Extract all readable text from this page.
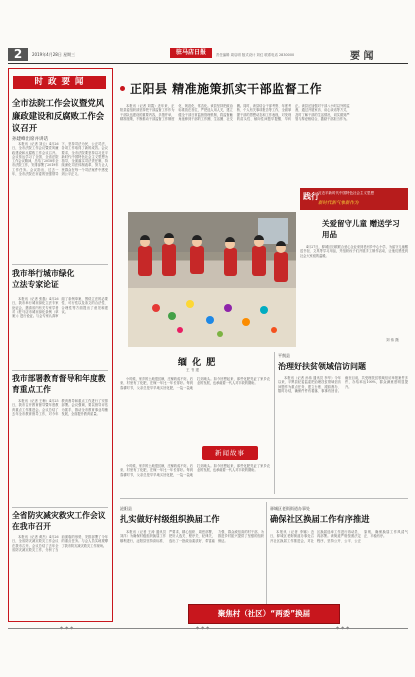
2	2019年4月28日 星期三	驻马店日报	责任编辑 周启明 版式设计 刘红 联系电话 2830000	要 闻
时 政 要 闻
全市法院工作会议暨党风廉政建设和反腐败工作会议召开
孙建峰出席并讲话

本报讯（记者 刘云）4月26日，全市法院工作会议暨党风廉政建设和反腐败工作会议召开。会议传达学习了全国、全省法院工作会议精神，总结了2018年全市法院工作，安排部署了2019年工作任务。会议指出，过去一年，全市法院在市委的坚强领导下，坚持司法为民、公正司法，各项工作取得了新的成效。会议要求，全市法院要坚持以习近平新时代中国特色社会主义思想为指导，全面落实司法责任制，持续深化司法体制改革，努力让人民群众在每一个司法案件中感受到公平正义。

我市举行城市绿化立法专家论证

本报讯（记者 张磊）4月26日，我市举行城市绿化立法专家论证会，邀请省内有关专家学者对《驻马店市城市绿化条例（草案）》进行论证。与会专家认真审阅了条例草案，围绕立法的必要性、可行性以及条文的合法性、合理性等方面提出了意见和建议。

我市部署教育督导和年度教育重点工作

本报讯（记者 王梅）4月25日，我市召开教育督导暨年度教育重点工作推进会。会议总结了去年全市教育督导工作，对今年教育督导和重点工作进行了安排部署。会议强调，要以督导评估为抓手，推动全市教育事业均衡发展，全面提升教育质量。

全省防灾减灾救灾工作会议在我市召开

本报讯（记者 黄杰）4月26日，全省防灾减灾救灾工作会议在我市召开。会议总结了去年全省防灾减灾救灾工作，分析了当前面临的形势，安排部署了今年的重点任务。与会人员实地观摩了我市防灾减灾救灾工作现场。

正阳县 精准施策抓实干部监督工作

本报讯（记者 刘震）近年来，正阳县委组织部坚持把干部监督工作作为干部队伍建设的重要内容，多措并举，精准施策，不断推动干部监督工作制度化、规范化、常态化。该县坚持把政治标准放在首位，严把选人用人关，建立健全干部日常监督管理机制，将监督触角延伸到干部的工作圈、生活圈、社交圈。同时，该县结合干部考察、年度考核、个人有关事项报告等工作，全面掌握干部的思想动态和工作表现，对发现的苗头性、倾向性问题早提醒、早纠正。该县还加强对干部八小时以外的监督，通过开展家访、谈心谈话等方式，及时了解干部的生活情况，切实做到严管与厚爱相结合，激励干部担当作为。

践行 习近平新时代中国特色社会主义思想
新时代新气象新作为
关爱留守儿童 赠送学习用品

4月27日，驿城区妇联联合爱心企业来到老河乡中心小学，为留守儿童赠送书包、文具等学习用品，并组织孩子们开展手工制作活动，让他们感受到社会大家庭的温暖。

刘 伟 摄
缅 化 肥
王 书 建

小时候，家乡的土地很贫瘠，庄稼收成不好。后来，村里有了化肥，庄稼一年比一年长得好。每到春耕时节，父亲总是早早地买回化肥，一袋一袋地扛到地头。如今回想起来，那些化肥见证了家乡农业的发展，也承载着一代人对丰收的期盼。

新闻故事

小时候，家乡的土地很贫瘠，庄稼收成不好。后来，村里有了化肥，庄稼一年比一年长得好。每到春耕时节，父亲总是早早地买回化肥，一袋一袋地扛到地头。如今回想起来，那些化肥见证了家乡农业的发展，也承载着一代人对丰收的期盼。

平舆县
治理好扶贫领域信访问题

本报讯（记者 孙伟 通讯员 李华）今年以来，平舆县纪委监委把治理扶贫领域信访问题作为重点任务，建立台账、跟踪督办、限时办结，确保件件有着落、事事有回音。截至目前，共受理扶贫领域信访举报案件多件，办结率达100%，群众满意度明显提升。

泌阳县
扎实做好村级组织换届工作

本报讯（记者 王涛 通讯员 刘洋）为确保村级组织换届工作顺利进行，泌阳县坚持高标准、严要求，精心组织、周密部署，把好人选关、程序关、纪律关，选出了一批政治素质好、带富能力强、群众威信高的村干部，为推进乡村振兴提供了坚强的组织保证。

驿城区老街街道办事处
确保社区换届工作有序推进

本报讯（记者 李娜）近日，驿城区老街街道办事处召开社区换届工作推进会，对社区换届选举工作进行再动员、再部署。该街道严格按照法定程序，坚持公开、公平、公正原则，确保换届工作风清气正、平稳有序。

聚焦村（社区）“两委”换届
◆◆◆	◆◆◆	◆◆◆
